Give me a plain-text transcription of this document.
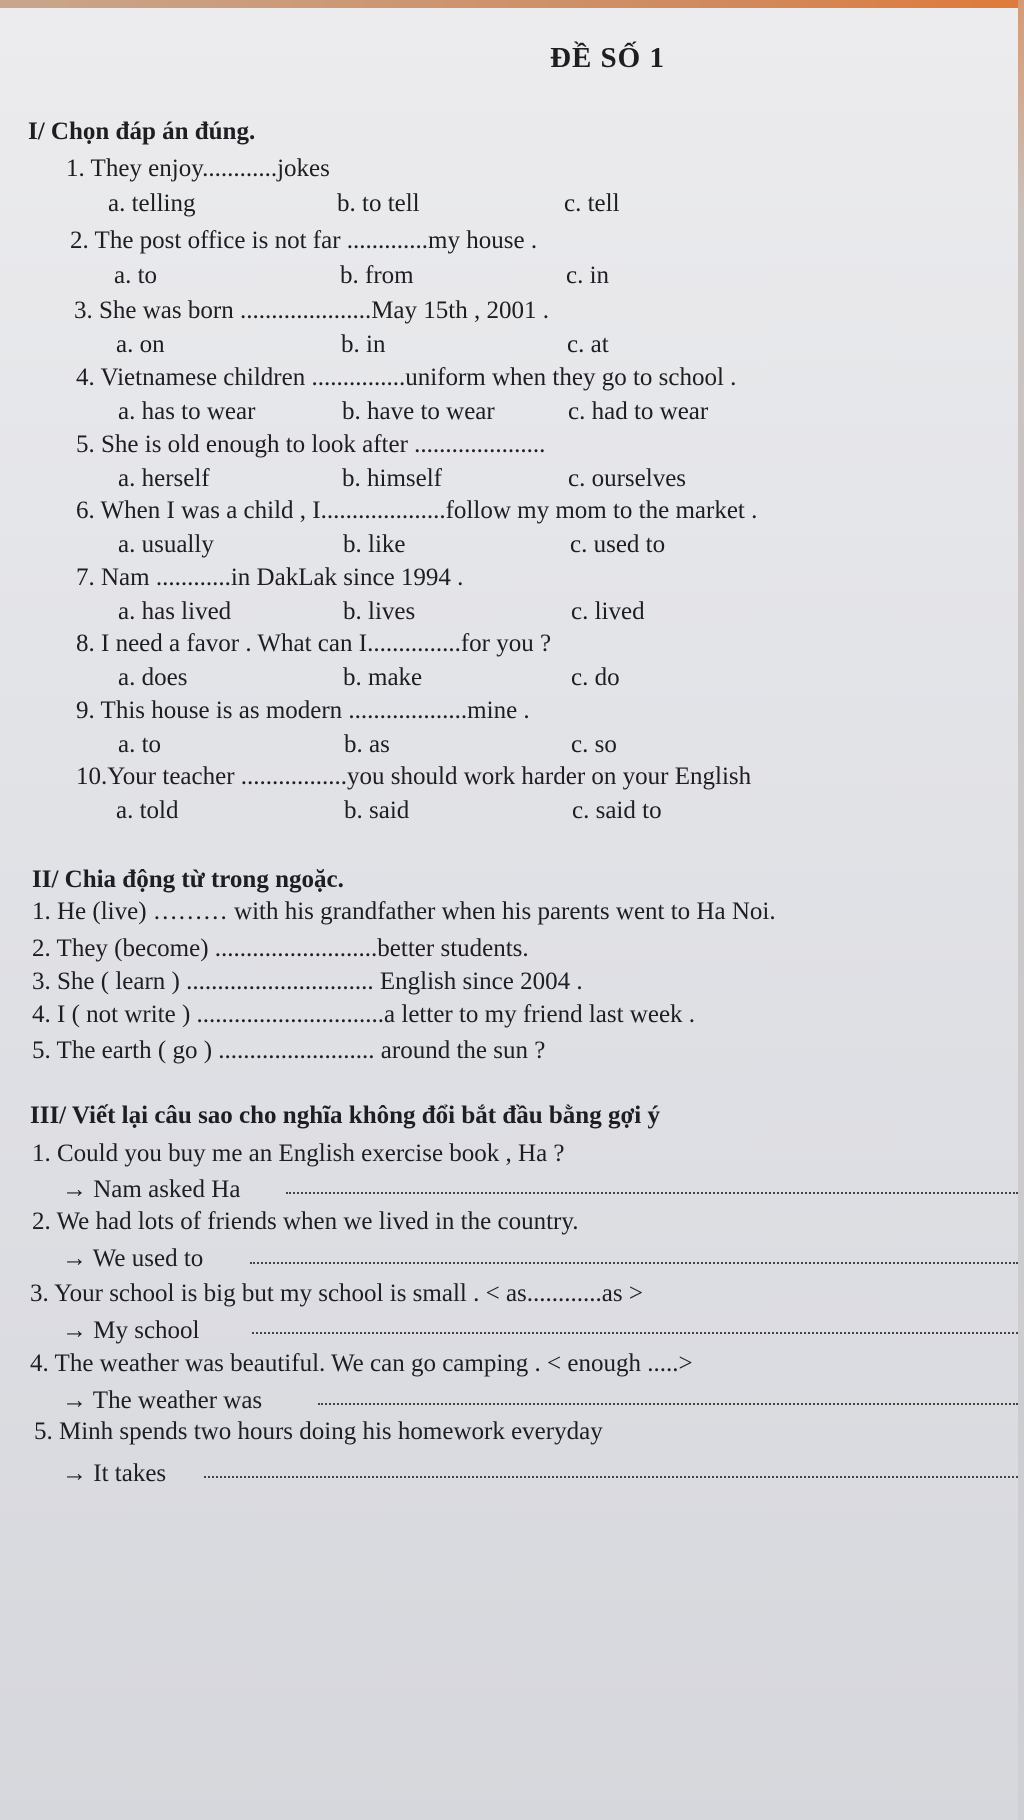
ĐỀ SỐ 1
I/ Chọn đáp án đúng.
1. They enjoy............jokes
a. telling	b. to tell	c. tell
2. The post office is not far .............my house .
a. to	b. from	c. in
3. She was born .....................May 15th , 2001 .
a. on	b. in	c. at
4. Vietnamese children ...............uniform when they go to school .
a. has to wear	b. have to wear	c. had to wear
5. She is old enough to look after .....................
a. herself	b. himself	c. ourselves
6. When I was a child , I....................follow my mom to the market .
a. usually	b. like	c. used to
7. Nam ............in DakLak since 1994 .
a. has lived	b. lives	c. lived
8. I need a favor . What can I...............for you ?
a. does	b. make	c. do
9. This house is as modern ...................mine .
a. to	b. as	c. so
10.Your teacher .................you should work harder on your English
a. told	b. said	c. said to
II/ Chia động từ trong ngoặc.
1. He (live) ……… with his grandfather when his parents went to Ha Noi.
2. They (become) ..........................better students.
3. She ( learn ) .............................. English since 2004 .
4. I ( not write ) ..............................a letter to my friend last week .
5. The earth ( go ) ......................... around the sun ?
III/ Viết lại câu sao cho nghĩa không đổi bắt đầu bằng gợi ý
1. Could you buy me an English exercise book , Ha ?
→ Nam asked Ha
2. We had lots of friends when we lived in the country.
→ We used to
3. Your school is big but my school is small . < as............as >
→ My school
4. The weather was beautiful. We can go camping . < enough .....>
→ The weather was
5. Minh spends two hours doing his homework everyday
→ It takes
